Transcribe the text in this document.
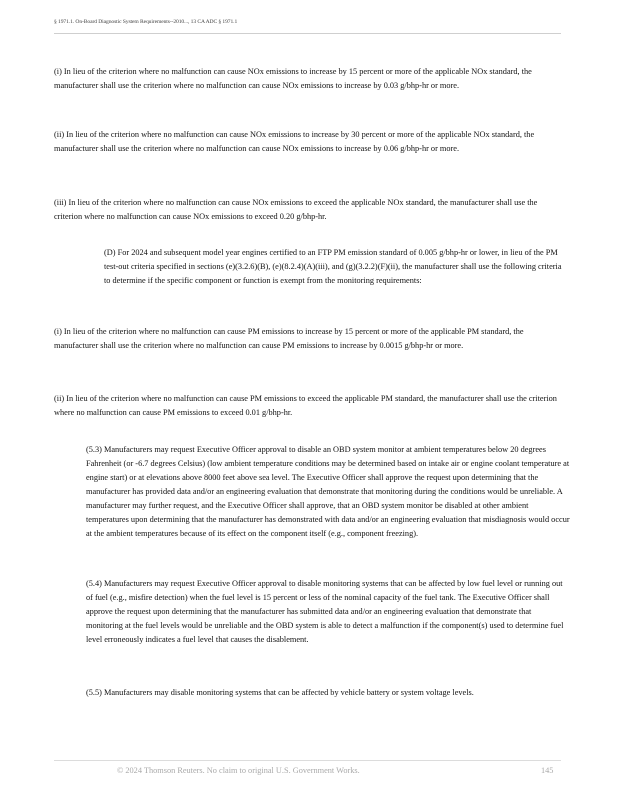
§ 1971.1. On-Board Diagnostic System Requirements--2010..., 13 CA ADC § 1971.1

(i) In lieu of the criterion where no malfunction can cause NOx emissions to increase by 15 percent or more of the applicable NOx standard, the manufacturer shall use the criterion where no malfunction can cause NOx emissions to increase by 0.03 g/bhp-hr or more.

(ii) In lieu of the criterion where no malfunction can cause NOx emissions to increase by 30 percent or more of the applicable NOx standard, the manufacturer shall use the criterion where no malfunction can cause NOx emissions to increase by 0.06 g/bhp-hr or more.

(iii) In lieu of the criterion where no malfunction can cause NOx emissions to exceed the applicable NOx standard, the manufacturer shall use the criterion where no malfunction can cause NOx emissions to exceed 0.20 g/bhp-hr.

(D) For 2024 and subsequent model year engines certified to an FTP PM emission standard of 0.005 g/bhp-hr or lower, in lieu of the PM test-out criteria specified in sections (e)(3.2.6)(B), (e)(8.2.4)(A)(iii), and (g)(3.2.2)(F)(ii), the manufacturer shall use the following criteria to determine if the specific component or function is exempt from the monitoring requirements:

(i) In lieu of the criterion where no malfunction can cause PM emissions to increase by 15 percent or more of the applicable PM standard, the manufacturer shall use the criterion where no malfunction can cause PM emissions to increase by 0.0015 g/bhp-hr or more.

(ii) In lieu of the criterion where no malfunction can cause PM emissions to exceed the applicable PM standard, the manufacturer shall use the criterion where no malfunction can cause PM emissions to exceed 0.01 g/bhp-hr.

(5.3) Manufacturers may request Executive Officer approval to disable an OBD system monitor at ambient temperatures below 20 degrees Fahrenheit (or -6.7 degrees Celsius) (low ambient temperature conditions may be determined based on intake air or engine coolant temperature at engine start) or at elevations above 8000 feet above sea level. The Executive Officer shall approve the request upon determining that the manufacturer has provided data and/or an engineering evaluation that demonstrate that monitoring during the conditions would be unreliable. A manufacturer may further request, and the Executive Officer shall approve, that an OBD system monitor be disabled at other ambient temperatures upon determining that the manufacturer has demonstrated with data and/or an engineering evaluation that misdiagnosis would occur at the ambient temperatures because of its effect on the component itself (e.g., component freezing).

(5.4) Manufacturers may request Executive Officer approval to disable monitoring systems that can be affected by low fuel level or running out of fuel (e.g., misfire detection) when the fuel level is 15 percent or less of the nominal capacity of the fuel tank. The Executive Officer shall approve the request upon determining that the manufacturer has submitted data and/or an engineering evaluation that demonstrate that monitoring at the fuel levels would be unreliable and the OBD system is able to detect a malfunction if the component(s) used to determine fuel level erroneously indicates a fuel level that causes the disablement.

(5.5) Manufacturers may disable monitoring systems that can be affected by vehicle battery or system voltage levels.

© 2024 Thomson Reuters. No claim to original U.S. Government Works.	145
